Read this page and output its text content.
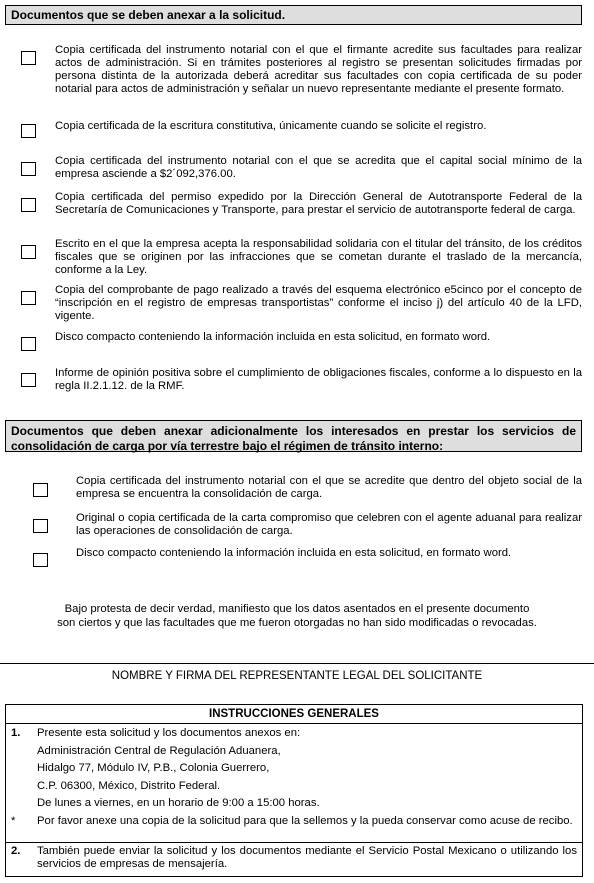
Documentos que se deben anexar a la solicitud.
Copia certificada del instrumento notarial con el que el firmante acredite sus facultades para realizar actos de administración. Si en trámites posteriores al registro se presentan solicitudes firmadas por persona distinta de la autorizada deberá acreditar sus facultades con copia certificada de su poder notarial para actos de administración y señalar un nuevo representante mediante el presente formato.
Copia certificada de la escritura constitutiva, únicamente cuando se solicite el registro.
Copia certificada del instrumento notarial con el que se acredita que el capital social mínimo de la empresa asciende a $2´092,376.00.
Copia certificada del permiso expedido por la Dirección General de Autotransporte Federal de la Secretaría de Comunicaciones y Transporte, para prestar el servicio de autotransporte federal de carga.
Escrito en el que la empresa acepta la responsabilidad solidaria con el titular del tránsito, de los créditos fiscales que se originen por las infracciones que se cometan durante el traslado de la mercancía, conforme a la Ley.
Copia del comprobante de pago realizado a través del esquema electrónico e5cinco por el concepto de “inscripción en el registro de empresas transportistas” conforme el inciso j) del artículo 40 de la LFD, vigente.
Disco compacto conteniendo la información incluida en esta solicitud, en formato word.
Informe de opinión positiva sobre el cumplimiento de obligaciones fiscales, conforme a lo dispuesto en la regla II.2.1.12. de la RMF.
Documentos que deben anexar adicionalmente los interesados en prestar los servicios de consolidación de carga por vía terrestre bajo el régimen de tránsito interno:
Copia certificada del instrumento notarial con el que se acredite que dentro del objeto social de la empresa se encuentra la consolidación de carga.
Original o copia certificada de la carta compromiso que celebren con el agente aduanal para realizar las operaciones de consolidación de carga.
Disco compacto conteniendo la información incluida en esta solicitud, en formato word.
Bajo protesta de decir verdad, manifiesto que los datos asentados en el presente documento
son ciertos y que las facultades que me fueron otorgadas no han sido modificadas o revocadas.
NOMBRE Y FIRMA DEL REPRESENTANTE LEGAL DEL SOLICITANTE
INSTRUCCIONES GENERALES
1. Presente esta solicitud y los documentos anexos en:
Administración Central de Regulación Aduanera,
Hidalgo 77, Módulo IV, P.B., Colonia Guerrero,
C.P. 06300, México, Distrito Federal.
De lunes a viernes, en un horario de 9:00 a 15:00 horas.
* Por favor anexe una copia de la solicitud para que la sellemos y la pueda conservar como acuse de recibo.
2. También puede enviar la solicitud y los documentos mediante el Servicio Postal Mexicano o utilizando los servicios de empresas de mensajería.
